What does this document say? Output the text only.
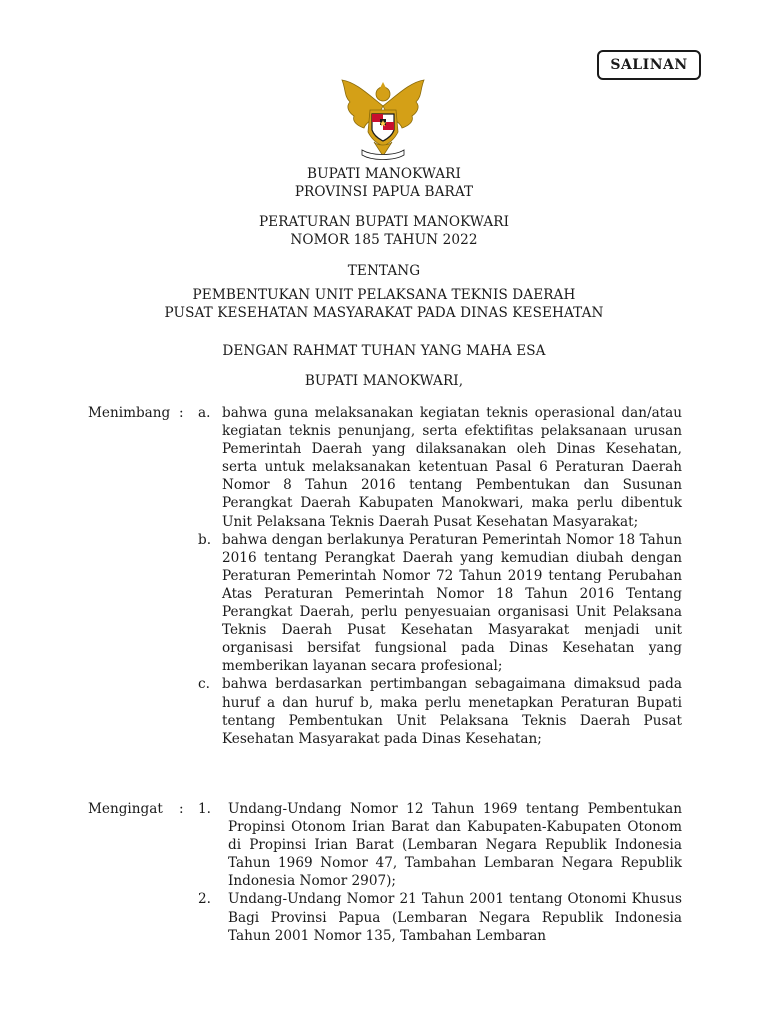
SALINAN
BUPATI MANOKWARI
PROVINSI PAPUA BARAT
PERATURAN BUPATI MANOKWARI
NOMOR 185 TAHUN 2022
TENTANG
PEMBENTUKAN UNIT PELAKSANA TEKNIS DAERAH
PUSAT KESEHATAN MASYARAKAT PADA DINAS KESEHATAN
DENGAN RAHMAT TUHAN YANG MAHA ESA
BUPATI MANOKWARI,
Menimbang : a. bahwa guna melaksanakan kegiatan teknis operasional dan/atau kegiatan teknis penunjang, serta efektifitas pelaksanaan urusan Pemerintah Daerah yang dilaksanakan oleh Dinas Kesehatan, serta untuk melaksanakan ketentuan Pasal 6 Peraturan Daerah Nomor 8 Tahun 2016 tentang Pembentukan dan Susunan Perangkat Daerah Kabupaten Manokwari, maka perlu dibentuk Unit Pelaksana Teknis Daerah Pusat Kesehatan Masyarakat;
b. bahwa dengan berlakunya Peraturan Pemerintah Nomor 18 Tahun 2016 tentang Perangkat Daerah yang kemudian diubah dengan Peraturan Pemerintah Nomor 72 Tahun 2019 tentang Perubahan Atas Peraturan Pemerintah Nomor 18 Tahun 2016 Tentang Perangkat Daerah, perlu penyesuaian organisasi Unit Pelaksana Teknis Daerah Pusat Kesehatan Masyarakat menjadi unit organisasi bersifat fungsional pada Dinas Kesehatan yang memberikan layanan secara profesional;
c. bahwa berdasarkan pertimbangan sebagaimana dimaksud pada huruf a dan huruf b, maka perlu menetapkan Peraturan Bupati tentang Pembentukan Unit Pelaksana Teknis Daerah Pusat Kesehatan Masyarakat pada Dinas Kesehatan;
Mengingat : 1. Undang-Undang Nomor 12 Tahun 1969 tentang Pembentukan Propinsi Otonom Irian Barat dan Kabupaten-Kabupaten Otonom di Propinsi Irian Barat (Lembaran Negara Republik Indonesia Tahun 1969 Nomor 47, Tambahan Lembaran Negara Republik Indonesia Nomor 2907);
2. Undang-Undang Nomor 21 Tahun 2001 tentang Otonomi Khusus Bagi Provinsi Papua (Lembaran Negara Republik Indonesia Tahun 2001 Nomor 135, Tambahan Lembaran
